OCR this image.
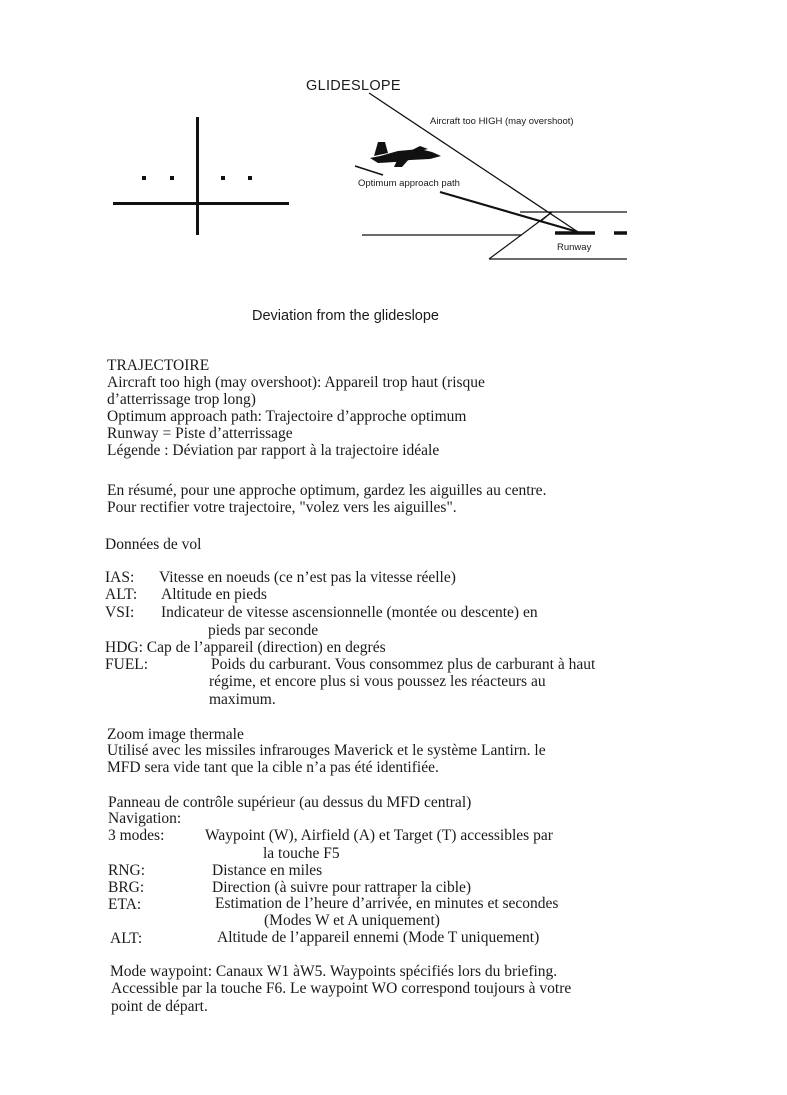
GLIDESLOPE
Aircraft too HIGH (may overshoot)
Optimum approach path
Runway
Deviation from the glideslope
TRAJECTOIRE
Aircraft too high (may overshoot): Appareil trop haut (risque
d’atterrissage trop long)
Optimum approach path: Trajectoire d’approche optimum
Runway = Piste d’atterrissage
Légende : Déviation par rapport à la trajectoire idéale
En résumé, pour une approche optimum, gardez les aiguilles au centre.
Pour rectifier votre trajectoire, "volez vers les aiguilles".
Données de vol
IAS: Vitesse en noeuds (ce n’est pas la vitesse réelle)
ALT: Altitude en pieds
VSI: Indicateur de vitesse ascensionnelle (montée ou descente) en
pieds par seconde
HDG: Cap de l’appareil (direction) en degrés
FUEL:	Poids du carburant. Vous consommez plus de carburant à haut
régime, et encore plus si vous poussez les réacteurs au
maximum.
Zoom image thermale
Utilisé avec les missiles infrarouges Maverick et le système Lantirn. le
MFD sera vide tant que la cible n’a pas été identifiée.
Panneau de contrôle supérieur (au dessus du MFD central)
Navigation:
3 modes:	Waypoint (W), Airfield (A) et Target (T) accessibles par
la touche F5
RNG:	Distance en miles
BRG:	Direction (à suivre pour rattraper la cible)
ETA:	Estimation de l’heure d’arrivée, en minutes et secondes
(Modes W et A uniquement)
ALT:	Altitude de l’appareil ennemi (Mode T uniquement)
Mode waypoint: Canaux W1 àW5. Waypoints spécifiés lors du briefing.
Accessible par la touche F6. Le waypoint WO correspond toujours à votre
point de départ.
